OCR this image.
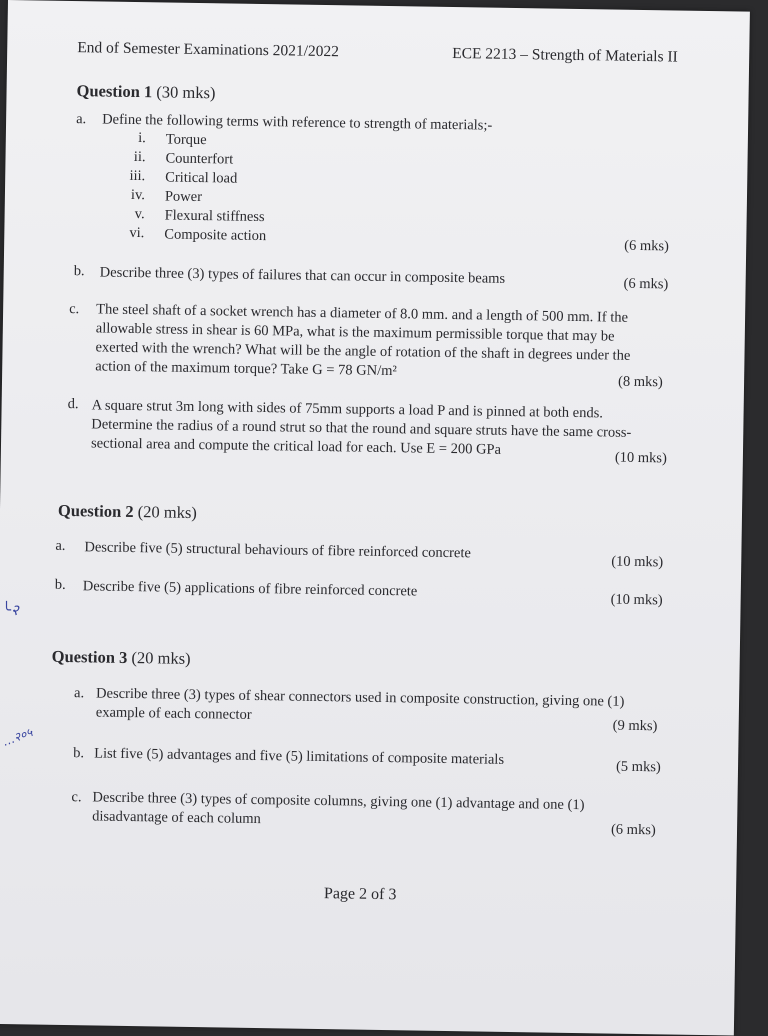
End of Semester Examinations 2021/2022	ECE 2213 – Strength of Materials II
Question 1 (30 mks)
a. Define the following terms with reference to strength of materials;-
i. Torque
ii. Counterfort
iii. Critical load
iv. Power
v. Flexural stiffness
vi. Composite action
(6 mks)
b. Describe three (3) types of failures that can occur in composite beams	(6 mks)
c. The steel shaft of a socket wrench has a diameter of 8.0 mm. and a length of 500 mm. If the
allowable stress in shear is 60 MPa, what is the maximum permissible torque that may be
exerted with the wrench? What will be the angle of rotation of the shaft in degrees under the
action of the maximum torque? Take G = 78 GN/m²
(8 mks)
d. A square strut 3m long with sides of 75mm supports a load P and is pinned at both ends.
Determine the radius of a round strut so that the round and square struts have the same cross-
sectional area and compute the critical load for each. Use E = 200 GPa
(10 mks)
Question 2 (20 mks)
a. Describe five (5) structural behaviours of fibre reinforced concrete
(10 mks)
b. Describe five (5) applications of fibre reinforced concrete
(10 mks)
Question 3 (20 mks)
a. Describe three (3) types of shear connectors used in composite construction, giving one (1)
example of each connector
(9 mks)
b. List five (5) advantages and five (5) limitations of composite materials	(5 mks)
c. Describe three (3) types of composite columns, giving one (1) advantage and one (1)
disadvantage of each column
(6 mks)
Page 2 of 3
╰२
…२०५
